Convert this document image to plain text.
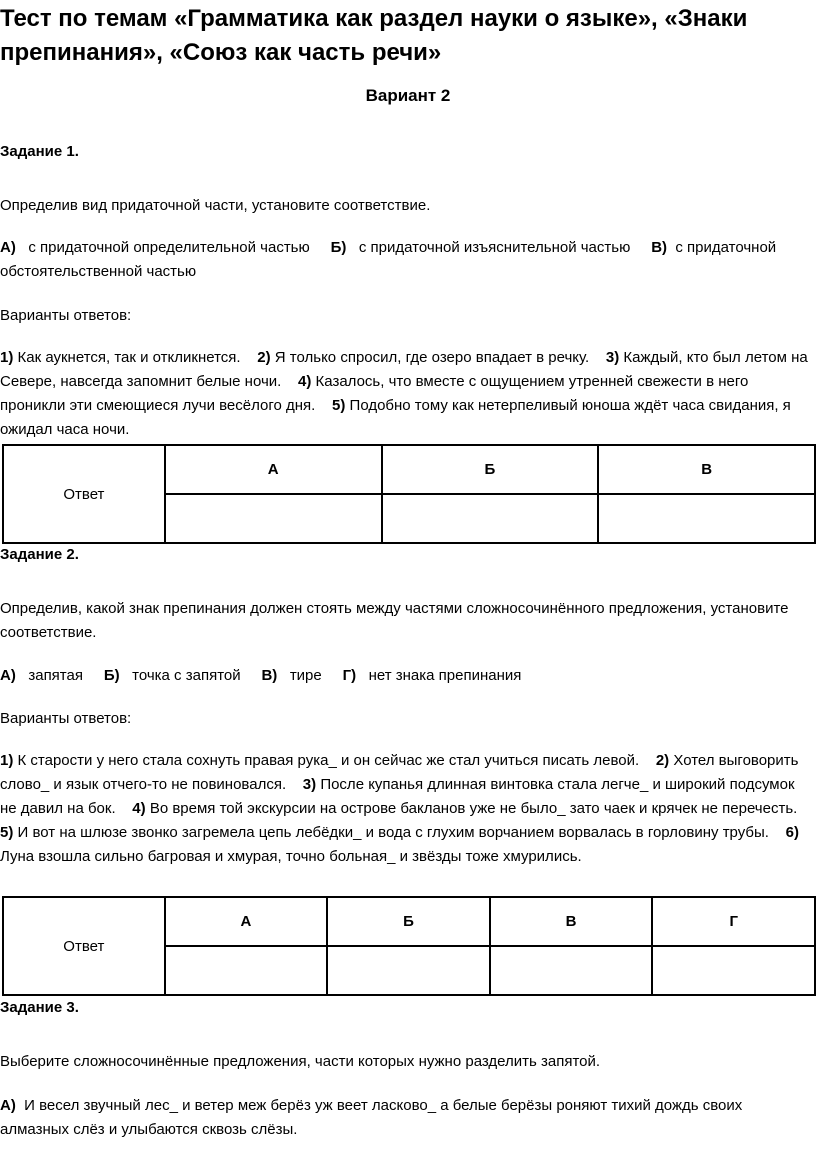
Тест по темам «Грамматика как раздел науки о языке», «Знаки препинания», «Союз как часть речи»
Вариант 2
Задание 1.
Определив вид придаточной части, установите соответствие.
А) с придаточной определительной частью Б) с придаточной изъяснительной частью В) с придаточной обстоятельственной частью
Варианты ответов:
1) Как аукнется, так и откликнется. 2) Я только спросил, где озеро впадает в речку. 3) Каждый, кто был летом на Севере, навсегда запомнит белые ночи. 4) Казалось, что вместе с ощущением утренней свежести в него проникли эти смеющиеся лучи весёлого дня. 5) Подобно тому как нетерпеливый юноша ждёт часа свидания, я ожидал часа ночи.
Ответ	А	Б	В

Задание 2.
Определив, какой знак препинания должен стоять между частями сложносочинённого предложения, установите соответствие.
А) запятая Б) точка с запятой В) тире Г) нет знака препинания
Варианты ответов:
1) К старости у него стала сохнуть правая рука_ и он сейчас же стал учиться писать левой. 2) Хотел выговорить слово_ и язык отчего-то не повиновался. 3) После купанья длинная винтовка стала легче_ и широкий подсумок не давил на бок. 4) Во время той экскурсии на острове бакланов уже не было_ зато чаек и крячек не перечесть.    5) И вот на шлюзе звонко загремела цепь лебёдки_ и вода с глухим ворчанием ворвалась в горловину трубы. 6) Луна взошла сильно багровая и хмурая, точно больная_ и звёзды тоже хмурились.
Ответ	А	Б	В	Г

Задание 3.
Выберите сложносочинённые предложения, части которых нужно разделить запятой.
А) И весел звучный лес_ и ветер меж берёз уж веет ласково_ а белые берёзы роняют тихий дождь своих алмазных слёз и улыбаются сквозь слёзы.
